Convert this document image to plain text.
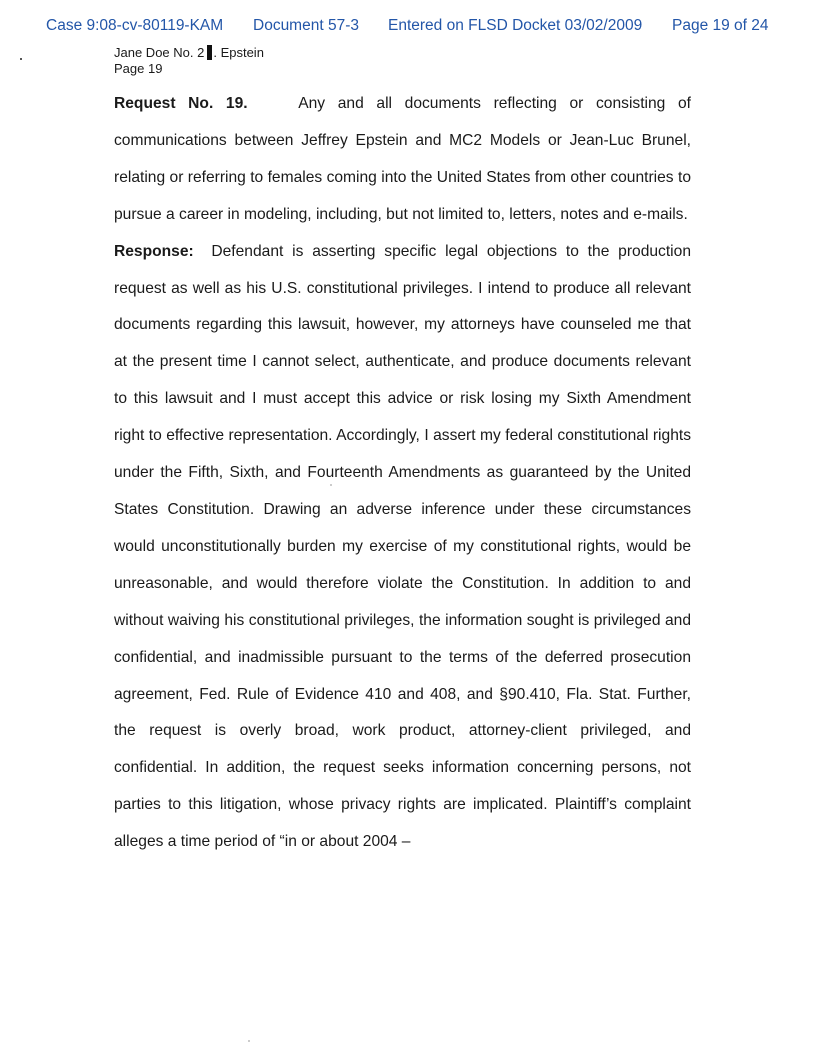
Case 9:08-cv-80119-KAM Document 57-3 Entered on FLSD Docket 03/02/2009 Page 19 of 24
Jane Doe No. 2 . Epstein
Page 19

Request No. 19.	Any and all documents reflecting or consisting of communications between Jeffrey Epstein and MC2 Models or Jean-Luc Brunel, relating or referring to females coming into the United States from other countries to pursue a career in modeling, including, but not limited to, letters, notes and e-mails.

Response: Defendant is asserting specific legal objections to the production request as well as his U.S. constitutional privileges. I intend to produce all relevant documents regarding this lawsuit, however, my attorneys have counseled me that at the present time I cannot select, authenticate, and produce documents relevant to this lawsuit and I must accept this advice or risk losing my Sixth Amendment right to effective representation. Accordingly, I assert my federal constitutional rights under the Fifth, Sixth, and Fourteenth Amendments as guaranteed by the United States Constitution. Drawing an adverse inference under these circumstances would unconstitutionally burden my exercise of my constitutional rights, would be unreasonable, and would therefore violate the Constitution. In addition to and without waiving his constitutional privileges, the information sought is privileged and confidential, and inadmissible pursuant to the terms of the deferred prosecution agreement, Fed. Rule of Evidence 410 and 408, and §90.410, Fla. Stat. Further, the request is overly broad, work product, attorney-client privileged, and confidential. In addition, the request seeks information concerning persons, not parties to this litigation, whose privacy rights are implicated. Plaintiff’s complaint alleges a time period of “in or about 2004 –
